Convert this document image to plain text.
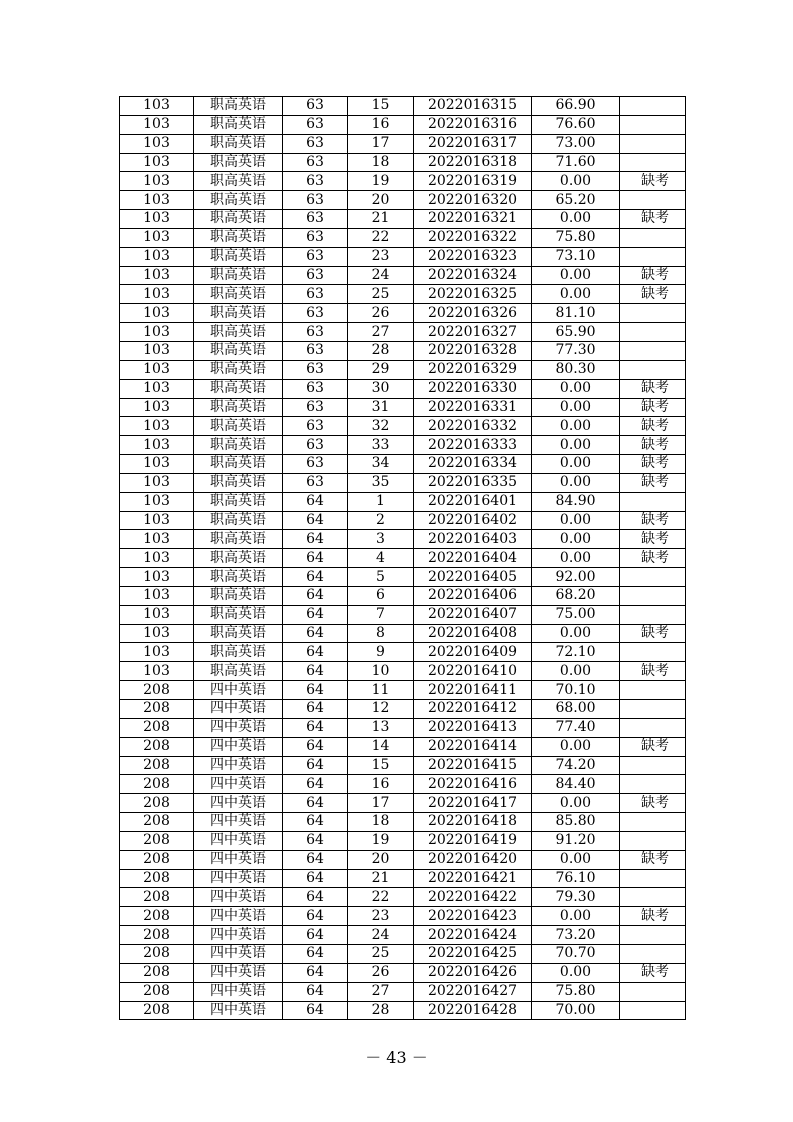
103	职高英语	63	15	2022016315	66.90	
103	职高英语	63	16	2022016316	76.60	
103	职高英语	63	17	2022016317	73.00	
103	职高英语	63	18	2022016318	71.60	
103	职高英语	63	19	2022016319	0.00	缺考
103	职高英语	63	20	2022016320	65.20	
103	职高英语	63	21	2022016321	0.00	缺考
103	职高英语	63	22	2022016322	75.80	
103	职高英语	63	23	2022016323	73.10	
103	职高英语	63	24	2022016324	0.00	缺考
103	职高英语	63	25	2022016325	0.00	缺考
103	职高英语	63	26	2022016326	81.10	
103	职高英语	63	27	2022016327	65.90	
103	职高英语	63	28	2022016328	77.30	
103	职高英语	63	29	2022016329	80.30	
103	职高英语	63	30	2022016330	0.00	缺考
103	职高英语	63	31	2022016331	0.00	缺考
103	职高英语	63	32	2022016332	0.00	缺考
103	职高英语	63	33	2022016333	0.00	缺考
103	职高英语	63	34	2022016334	0.00	缺考
103	职高英语	63	35	2022016335	0.00	缺考
103	职高英语	64	1	2022016401	84.90	
103	职高英语	64	2	2022016402	0.00	缺考
103	职高英语	64	3	2022016403	0.00	缺考
103	职高英语	64	4	2022016404	0.00	缺考
103	职高英语	64	5	2022016405	92.00	
103	职高英语	64	6	2022016406	68.20	
103	职高英语	64	7	2022016407	75.00	
103	职高英语	64	8	2022016408	0.00	缺考
103	职高英语	64	9	2022016409	72.10	
103	职高英语	64	10	2022016410	0.00	缺考
208	四中英语	64	11	2022016411	70.10	
208	四中英语	64	12	2022016412	68.00	
208	四中英语	64	13	2022016413	77.40	
208	四中英语	64	14	2022016414	0.00	缺考
208	四中英语	64	15	2022016415	74.20	
208	四中英语	64	16	2022016416	84.40	
208	四中英语	64	17	2022016417	0.00	缺考
208	四中英语	64	18	2022016418	85.80	
208	四中英语	64	19	2022016419	91.20	
208	四中英语	64	20	2022016420	0.00	缺考
208	四中英语	64	21	2022016421	76.10	
208	四中英语	64	22	2022016422	79.30	
208	四中英语	64	23	2022016423	0.00	缺考
208	四中英语	64	24	2022016424	73.20	
208	四中英语	64	25	2022016425	70.70	
208	四中英语	64	26	2022016426	0.00	缺考
208	四中英语	64	27	2022016427	75.80	
208	四中英语	64	28	2022016428	70.00	
－ 43 －
